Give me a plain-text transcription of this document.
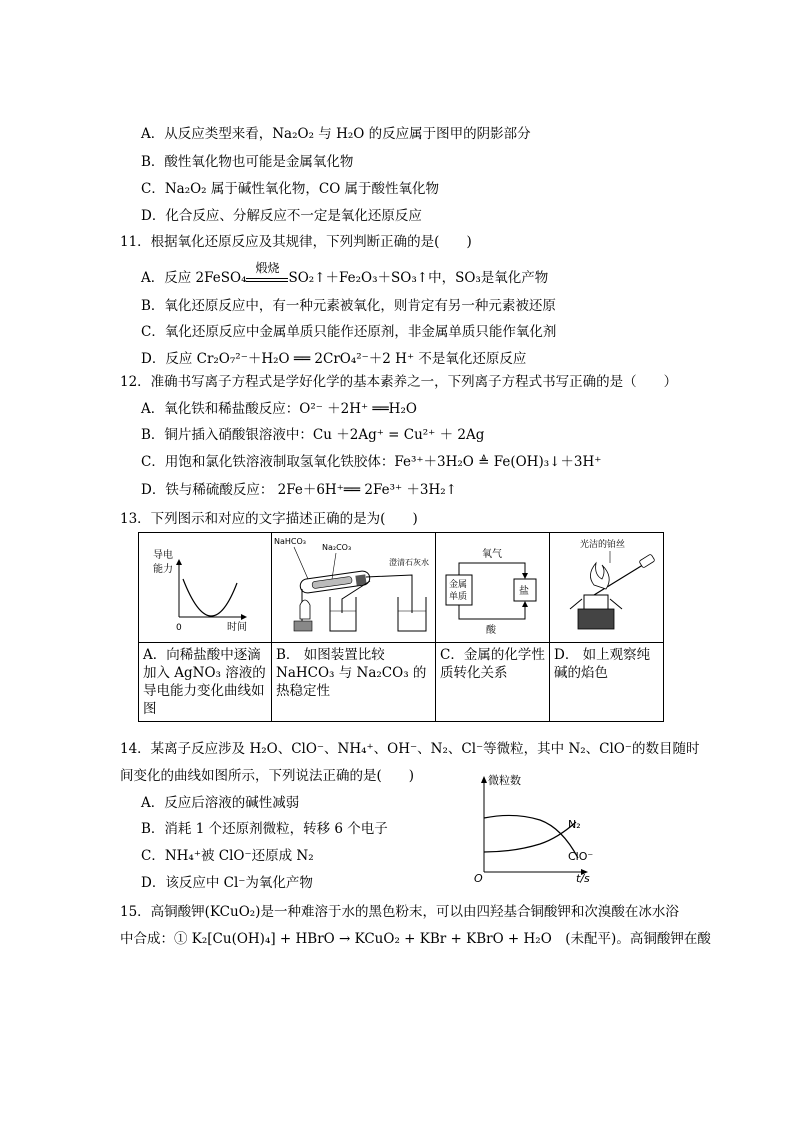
A．从反应类型来看，Na₂O₂ 与 H₂O 的反应属于图甲的阴影部分
B．酸性氧化物也可能是金属氧化物
C．Na₂O₂ 属于碱性氧化物，CO 属于酸性氧化物
D．化合反应、分解反应不一定是氧化还原反应
11．根据氧化还原反应及其规律，下列判断正确的是(　　)
A．反应 2FeSO₄
煅烧
SO₂↑＋Fe₂O₃＋SO₃↑中，SO₃是氧化产物
B．氧化还原反应中，有一种元素被氧化，则肯定有另一种元素被还原
C．氧化还原反应中金属单质只能作还原剂，非金属单质只能作氧化剂
D．反应 Cr₂O₇²⁻＋H₂O ══ 2CrO₄²⁻＋2 H⁺ 不是氧化还原反应
12．准确书写离子方程式是学好化学的基本素养之一，下列离子方程式书写正确的是（　　）
A．氧化铁和稀盐酸反应：O²⁻ ＋2H⁺ ══H₂O
B．铜片插入硝酸银溶液中：Cu ＋2Ag⁺ = Cu²⁺ ＋ 2Ag
C．用饱和氯化铁溶液制取氢氧化铁胶体：Fe³⁺＋3H₂O ≜ Fe(OH)₃↓＋3H⁺
D．铁与稀硫酸反应： 2Fe＋6H⁺══ 2Fe³⁺ ＋3H₂↑
13．下列图示和对应的文字描述正确的是为(　　)
导电
能力
0 时间	NaHCO₃
Na₂CO₃
澄清石灰水	金属
单质 盐
氧气
酸	光洁的铂丝

A．向稀盐酸中逐滴加入 AgNO₃ 溶液的导电能力变化曲线如图	B． 如图装置比较 NaHCO₃ 与 Na₂CO₃ 的热稳定性	C．金属的化学性质转化关系	D． 如上观察纯碱的焰色
14．某离子反应涉及 H₂O、ClO⁻、NH₄⁺、OH⁻、N₂、Cl⁻等微粒，其中 N₂、ClO⁻的数目随时
间变化的曲线如图所示，下列说法正确的是(　　)
A．反应后溶液的碱性减弱
B．消耗 1 个还原剂微粒，转移 6 个电子
C．NH₄⁺被 ClO⁻还原成 N₂
D．该反应中 Cl⁻为氧化产物
微粒数
N₂
ClO⁻
O	t/s
15．高铜酸钾(KCuO₂)是一种难溶于水的黑色粉末，可以由四羟基合铜酸钾和次溴酸在冰水浴
中合成：① K₂[Cu(OH)₄] + HBrO → KCuO₂ + KBr + KBrO + H₂O　(未配平)。高铜酸钾在酸
